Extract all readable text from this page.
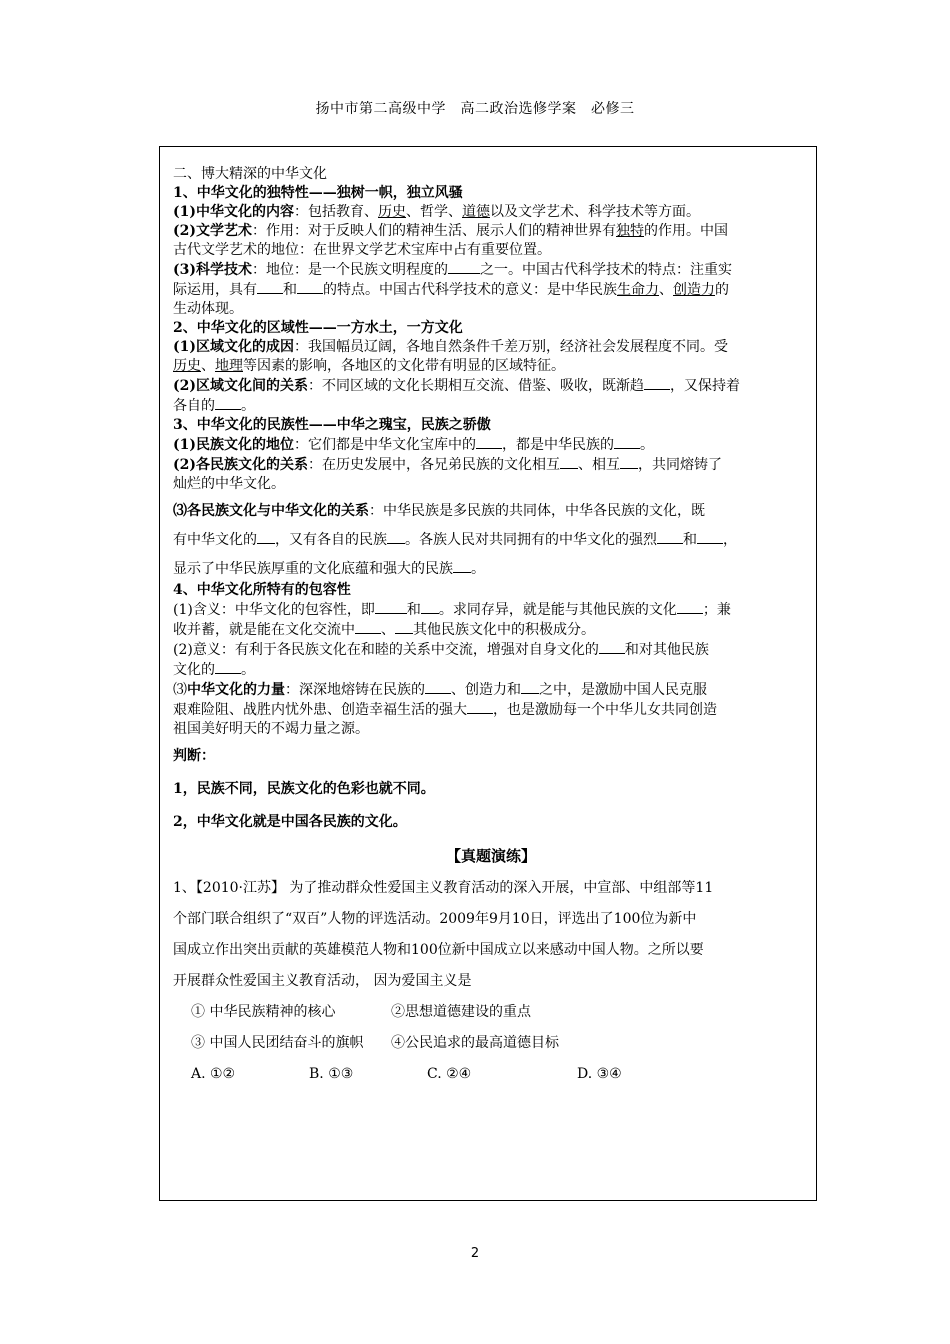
扬中市第二高级中学　高二政治选修学案　必修三

二、博大精深的中华文化

1、中华文化的独特性——独树一帜，独立风骚

(1)中华文化的内容：包括教育、历史、哲学、道德以及文学艺术、科学技术等方面。

(2)文学艺术：作用：对于反映人们的精神生活、展示人们的精神世界有独特的作用。中国

古代文学艺术的地位：在世界文学艺术宝库中占有重要位置。

(3)科学技术：地位：是一个民族文明程度的 之一。中国古代科学技术的特点：注重实

际运用，具有 和 的特点。中国古代科学技术的意义：是中华民族生命力、创造力的

生动体现。

2、中华文化的区域性——一方水土，一方文化

(1)区域文化的成因：我国幅员辽阔，各地自然条件千差万别，经济社会发展程度不同。受

历史、地理等因素的影响，各地区的文化带有明显的区域特征。

(2)区域文化间的关系：不同区域的文化长期相互交流、借鉴、吸收，既渐趋 ，又保持着

各自的 。

3、中华文化的民族性——中华之瑰宝，民族之骄傲

(1)民族文化的地位：它们都是中华文化宝库中的 ，都是中华民族的 。

(2)各民族文化的关系：在历史发展中，各兄弟民族的文化相互 、相互 ，共同熔铸了

灿烂的中华文化。

⑶各民族文化与中华文化的关系：中华民族是多民族的共同体，中华各民族的文化，既

有中华文化的 ，又有各自的民族 。各族人民对共同拥有的中华文化的强烈 和 ，

显示了中华民族厚重的文化底蕴和强大的民族 。

4、中华文化所特有的包容性

(1)含义：中华文化的包容性，即 和 。求同存异，就是能与其他民族的文化 ；兼

收并蓄，就是能在文化交流中 、 其他民族文化中的积极成分。

(2)意义：有利于各民族文化在和睦的关系中交流，增强对自身文化的 和对其他民族

文化的 。

⑶中华文化的力量：深深地熔铸在民族的 、创造力和 之中，是激励中国人民克服

艰难险阻、战胜内忧外患、创造幸福生活的强大 ，也是激励每一个中华儿女共同创造

祖国美好明天的不竭力量之源。

判断：

1，民族不同，民族文化的色彩也就不同。

2，中华文化就是中国各民族的文化。

【真题演练】

1、【2010·江苏】 为了推动群众性爱国主义教育活动的深入开展，中宣部、中组部等11

个部门联合组织了“双百”人物的评选活动。2009年9月10日，评选出了100位为新中

国成立作出突出贡献的英雄模范人物和100位新中国成立以来感动中国人物。之所以要

开展群众性爱国主义教育活动， 因为爱国主义是

① 中华民族精神的核心	②思想道德建设的重点

③ 中国人民团结奋斗的旗帜 ④公民追求的最高道德目标

A. ①②	B. ①③	C. ②④	D. ③④

2
